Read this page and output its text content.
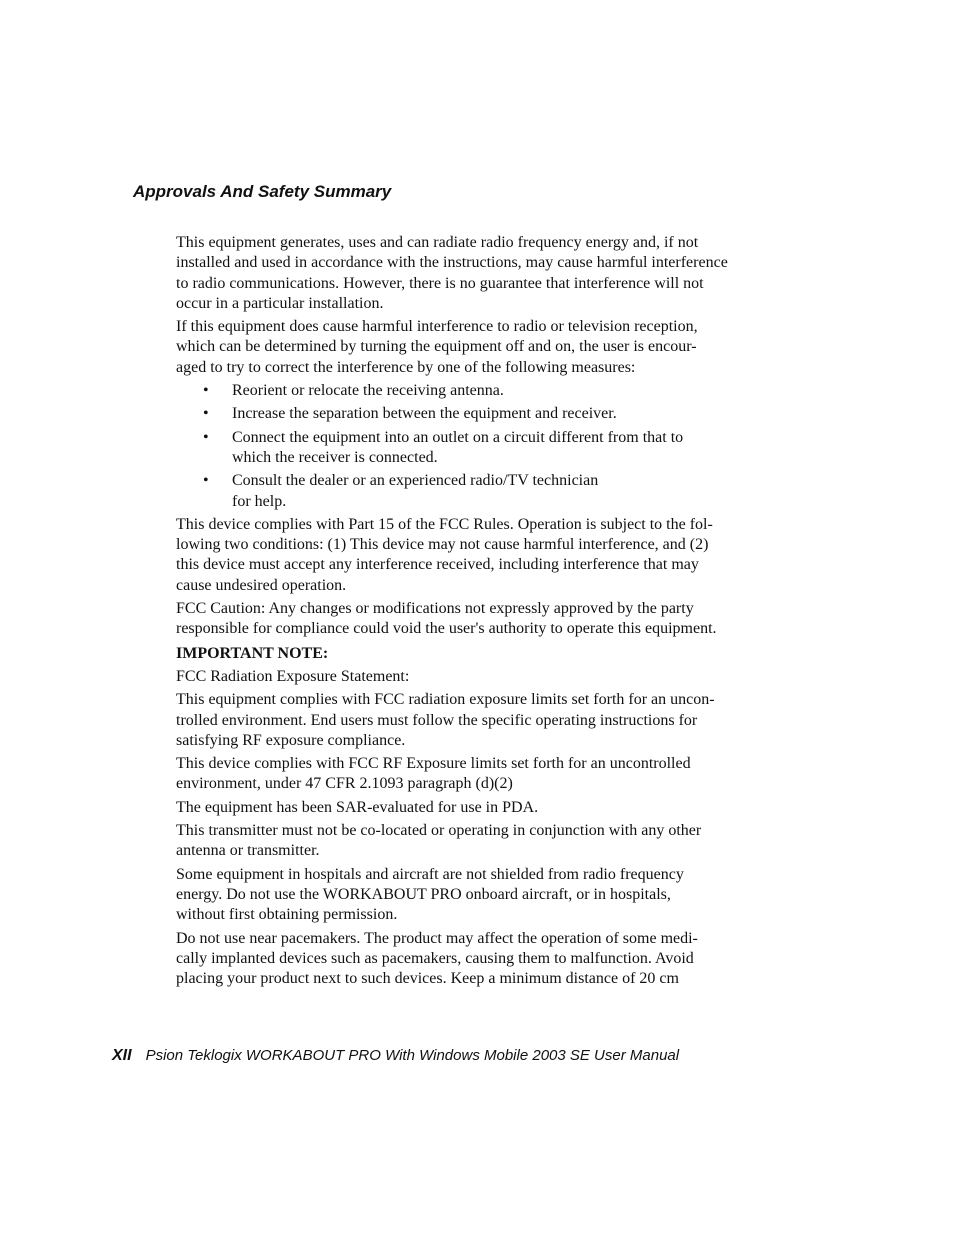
Approvals And Safety Summary
This equipment generates, uses and can radiate radio frequency energy and, if not
installed and used in accordance with the instructions, may cause harmful interference
to radio communications. However, there is no guarantee that interference will not
occur in a particular installation.
If this equipment does cause harmful interference to radio or television reception,
which can be determined by turning the equipment off and on, the user is encour-
aged to try to correct the interference by one of the following measures:
• Reorient or relocate the receiving antenna.
• Increase the separation between the equipment and receiver.
• Connect the equipment into an outlet on a circuit different from that to
which the receiver is connected.
• Consult the dealer or an experienced radio/TV technician
for help.
This device complies with Part 15 of the FCC Rules. Operation is subject to the fol-
lowing two conditions: (1) This device may not cause harmful interference, and (2)
this device must accept any interference received, including interference that may
cause undesired operation.
FCC Caution: Any changes or modifications not expressly approved by the party
responsible for compliance could void the user's authority to operate this equipment.
IMPORTANT NOTE:
FCC Radiation Exposure Statement:
This equipment complies with FCC radiation exposure limits set forth for an uncon-
trolled environment. End users must follow the specific operating instructions for
satisfying RF exposure compliance.
This device complies with FCC RF Exposure limits set forth for an uncontrolled
environment, under 47 CFR 2.1093 paragraph (d)(2)
The equipment has been SAR-evaluated for use in PDA.
This transmitter must not be co-located or operating in conjunction with any other
antenna or transmitter.
Some equipment in hospitals and aircraft are not shielded from radio frequency
energy. Do not use the WORKABOUT PRO onboard aircraft, or in hospitals,
without first obtaining permission.
Do not use near pacemakers. The product may affect the operation of some medi-
cally implanted devices such as pacemakers, causing them to malfunction. Avoid
placing your product next to such devices. Keep a minimum distance of 20 cm
XII Psion Teklogix WORKABOUT PRO With Windows Mobile 2003 SE User Manual
